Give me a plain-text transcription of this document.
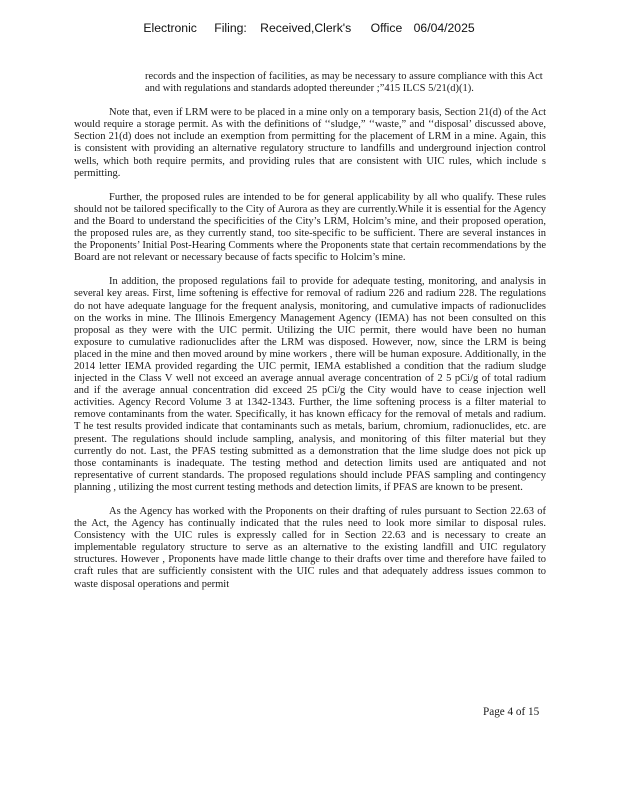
Electronic Filing: Received,Clerk's Office 06/04/2025

records and the inspection of facilities, as may be necessary to assure compliance with this Act and with regulations and standards adopted thereunder ;”415 ILCS 5/21(d)(1).

Note that, even if LRM were to be placed in a mine only on a temporary basis, Section 21(d) of the Act would require a storage permit. As with the definitions of ‘‘sludge,” ‘‘waste,” and ‘‘disposal’ discussed above, Section 21(d) does not include an exemption from permitting for the placement of LRM in a mine. Again, this is consistent with providing an alternative regulatory structure to landfills and underground injection control wells, which both require permits, and providing rules that are consistent with UIC rules, which include s permitting.

Further, the proposed rules are intended to be for general applicability by all who qualify. These rules should not be tailored specifically to the City of Aurora as they are currently.While it is essential for the Agency and the Board to understand the specificities of the City’s LRM, Holcim’s mine, and their proposed operation, the proposed rules are, as they currently stand, too site-specific to be sufficient. There are several instances in the Proponents’ Initial Post-Hearing Comments where the Proponents state that certain recommendations by the Board are not relevant or necessary because of facts specific to Holcim’s mine.

In addition, the proposed regulations fail to provide for adequate testing, monitoring, and analysis in several key areas. First, lime softening is effective for removal of radium 226 and radium 228. The regulations do not have adequate language for the frequent analysis, monitoring, and cumulative impacts of radionuclides on the works in mine. The Illinois Emergency Management Agency (IEMA) has not been consulted on this proposal as they were with the UIC permit. Utilizing the UIC permit, there would have been no human exposure to cumulative radionuclides after the LRM was disposed. However, now, since the LRM is being placed in the mine and then moved around by mine workers , there will be human exposure. Additionally, in the 2014 letter IEMA provided regarding the UIC permit, IEMA established a condition that the radium sludge injected in the Class V well not exceed an average annual average concentration of 2 5 pCi/g of total radium and if the average annual concentration did exceed 25 pCi/g the City would have to cease injection well activities. Agency Record Volume 3 at 1342-1343. Further, the lime softening process is a filter material to remove contaminants from the water. Specifically, it has known efficacy for the removal of metals and radium. T he test results provided indicate that contaminants such as metals, barium, chromium, radionuclides, etc. are present. The regulations should include sampling, analysis, and monitoring of this filter material but they currently do not. Last, the PFAS testing submitted as a demonstration that the lime sludge does not pick up those contaminants is inadequate. The testing method and detection limits used are antiquated and not representative of current standards. The proposed regulations should include PFAS sampling and contingency planning , utilizing the most current testing methods and detection limits, if PFAS are known to be present.

As the Agency has worked with the Proponents on their drafting of rules pursuant to Section 22.63 of the Act, the Agency has continually indicated that the rules need to look more similar to disposal rules. Consistency with the UIC rules is expressly called for in Section 22.63 and is necessary to create an implementable regulatory structure to serve as an alternative to the existing landfill and UIC regulatory structures. However , Proponents have made little change to their drafts over time and therefore have failed to craft rules that are sufficiently consistent with the UIC rules and that adequately address issues common to waste disposal operations and permit

Page 4 of 15
